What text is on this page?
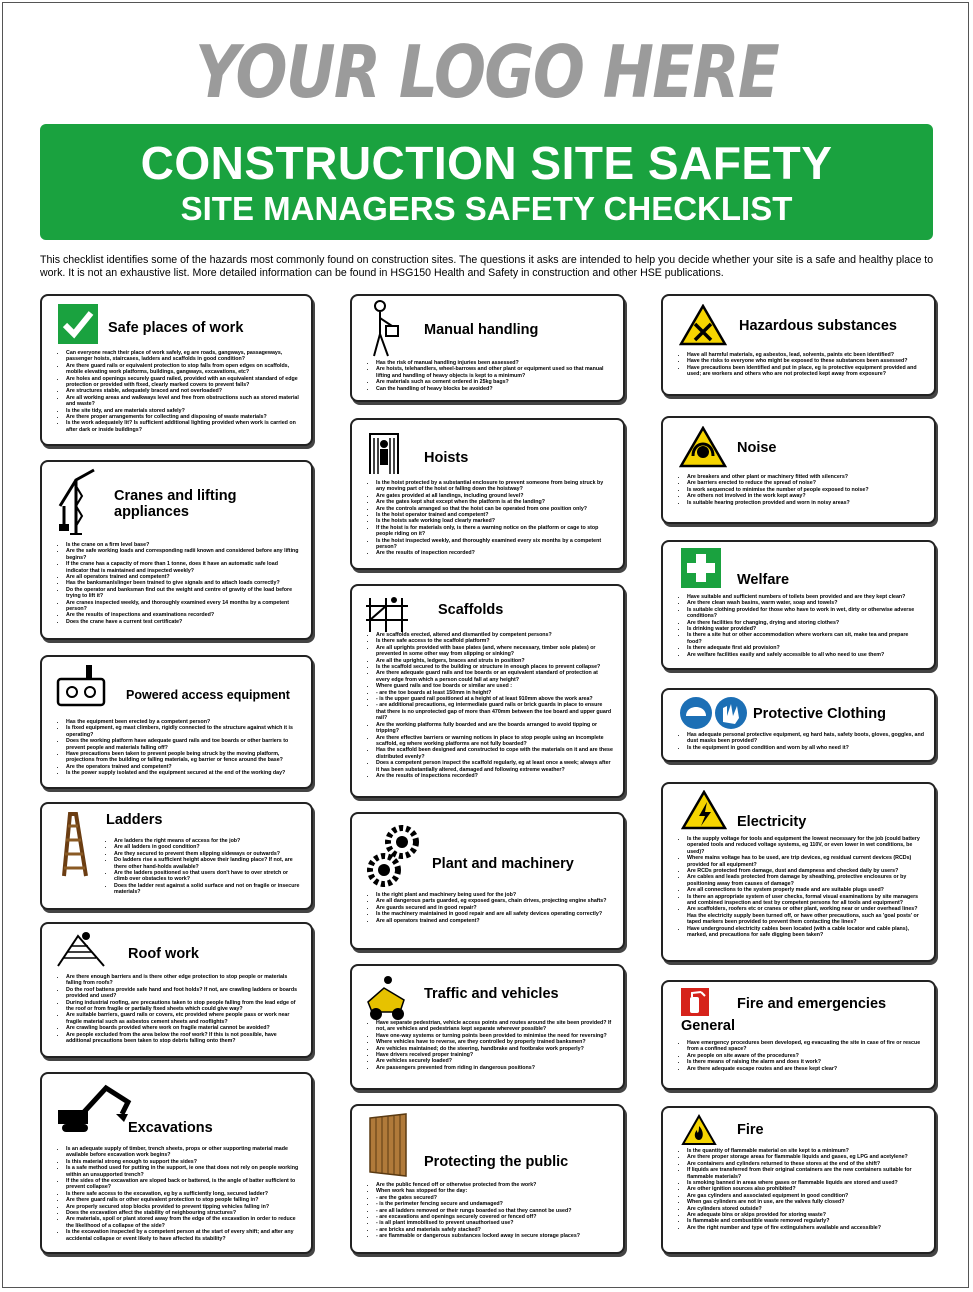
YOUR LOGO HERE
CONSTRUCTION SITE SAFETY
SITE MANAGERS SAFETY CHECKLIST
This checklist identifies some of the hazards most commonly found on construction sites. The questions it asks are intended to help you decide whether your site is a safe and healthy place to work. It is not an exhaustive list. More detailed information can be found in HSG150 Health and Safety in construction and other HSE publications.
Safe places of work
• Can everyone reach their place of work safely, eg are roads, gangways, passageways, passenger hoists, staircases, ladders and scaffolds in good condition?
• Are there guard rails or equivalent protection to stop falls from open edges on scaffolds, mobile elevating work platforms, buildings, gangways, excavations, etc?
• Are holes and openings securely guard railed, provided with an equivalent standard of edge protection or provided with fixed, clearly marked covers to prevent falls?
• Are structures stable, adequately braced and not overloaded?
• Are all working areas and walkways level and free from obstructions such as stored material and waste?
• Is the site tidy, and are materials stored safely?
• Are there proper arrangements for collecting and disposing of waste materials?
• Is the work adequately lit? Is sufficient additional lighting provided when work is carried on after dark or inside buildings?
Cranes and lifting appliances
• Is the crane on a firm level base?
• Are the safe working loads and corresponding radii known and considered before any lifting begins?
• If the crane has a capacity of more than 1 tonne, does it have an automatic safe load indicator that is maintained and inspected weekly?
• Are all operators trained and competent?
• Has the banksman/slinger been trained to give signals and to attach loads correctly?
• Do the operator and banksman find out the weight and centre of gravity of the load before trying to lift it?
• Are cranes inspected weekly, and thoroughly examined every 14 months by a competent person?
• Are the results of inspections and examinations recorded?
• Does the crane have a current test certificate?
Powered access equipment
• Has the equipment been erected by a competent person?
• Is fixed equipment, eg mast climbers, rigidly connected to the structure against which it is operating?
• Does the working platform have adequate guard rails and toe boards or other barriers to prevent people and materials falling off?
• Have precautions been taken to prevent people being struck by the moving platform, projections from the building or falling materials, eg barrier or fence around the base?
• Are the operators trained and competent?
• Is the power supply isolated and the equipment secured at the end of the working day?
Ladders
• Are ladders the right means of access for the job?
• Are all ladders in good condition?
• Are they secured to prevent them slipping sideways or outwards?
• Do ladders rise a sufficient height above their landing place? If not, are there other hand-holds available?
• Are the ladders positioned so that users don't have to over stretch or climb over obstacles to work?
• Does the ladder rest against a solid surface and not on fragile or insecure materials?
Roof work
• Are there enough barriers and is there other edge protection to stop people or materials falling from roofs?
• Do the roof battens provide safe hand and foot holds? If not, are crawling ladders or boards provided and used?
• During industrial roofing, are precautions taken to stop people falling from the lead edge of the roof or from fragile or partially fixed sheets which could give way?
• Are suitable barriers, guard rails or covers, etc provided where people pass or work near fragile material such as asbestos cement sheets and rooflights?
• Are crawling boards provided where work on fragile material cannot be avoided?
• Are people excluded from the area below the roof work? If this is not possible, have additional precautions been taken to stop debris falling onto them?
Excavations
• Is an adequate supply of timber, trench sheets, props or other supporting material made available before excavation work begins?
• Is this material strong enough to support the sides?
• Is a safe method used for putting in the support, ie one that does not rely on people working within an unsupported trench?
• If the sides of the excavation are sloped back or battered, is the angle of batter sufficient to prevent collapse?
• Is there safe access to the excavation, eg by a sufficiently long, secured ladder?
• Are there guard rails or other equivalent protection to stop people falling in?
• Are properly secured stop blocks provided to prevent tipping vehicles falling in?
• Does the excavation affect the stability of neighbouring structures?
• Are materials, spoil or plant stored away from the edge of the excavation in order to reduce the likelihood of a collapse of the side?
• Is the excavation inspected by a competent person at the start of every shift; and after any accidental collapse or event likely to have affected its stability?
Manual handling
• Has the risk of manual handling injuries been assessed?
• Are hoists, telehandlers, wheel-barrows and other plant or equipment used so that manual lifting and handling of heavy objects is kept to a minimum?
• Are materials such as cement ordered in 25kg bags?
• Can the handling of heavy blocks be avoided?
Hoists
• Is the hoist protected by a substantial enclosure to prevent someone from being struck by any moving part of the hoist or falling down the hoistway?
• Are gates provided at all landings, including ground level?
• Are the gates kept shut except when the platform is at the landing?
• Are the controls arranged so that the hoist can be operated from one position only?
• Is the hoist operator trained and competent?
• Is the hoists safe working load clearly marked?
• If the hoist is for materials only, is there a warning notice on the platform or cage to stop people riding on it?
• Is the hoist inspected weekly, and thoroughly examined every six months by a competent person?
• Are the results of inspection recorded?
Scaffolds
• Are scaffolds erected, altered and dismantled by competent persons?
• Is there safe access to the scaffold platform?
• Are all uprights provided with base plates (and, where necessary, timber sole plates) or prevented in some other way from slipping or sinking?
• Are all the uprights, ledgers, braces and struts in position?
• Is the scaffold secured to the building or structure in enough places to prevent collapse?
• Are there adequate guard rails and toe boards or an equivalent standard of protection at every edge from which a person could fall at any height?
• Where guard rails and toe boards or similar are used :
• - are the toe boards at least 150mm in height?
• - is the upper guard rail positioned at a height of at least 910mm above the work area?
• - are additional precautions, eg intermediate guard rails or brick guards in place to ensure that there is no unprotected gap of more than 470mm between the toe board and upper guard rail?
• Are the working platforms fully boarded and are the boards arranged to avoid tipping or tripping?
• Are there effective barriers or warning notices in place to stop people using an incomplete scaffold, eg where working platforms are not fully boarded?
• Has the scaffold been designed and constructed to cope with the materials on it and are these distributed evenly?
• Does a competent person inspect the scaffold regularly, eg at least once a week; always after it has been substantially altered, damaged and following extreme weather?
• Are the results of inspections recorded?
Plant and machinery
• Is the right plant and machinery being used for the job?
• Are all dangerous parts guarded, eg exposed gears, chain drives, projecting engine shafts?
• Are guards secured and in good repair?
• Is the machinery maintained in good repair and are all safety devices operating correctly?
• Are all operators trained and competent?
Traffic and vehicles
• Have separate pedestrian, vehicle access points and routes around the site been provided? If not, are vehicles and pedestrians kept separate wherever possible?
• Have one-way systems or turning points been provided to minimise the need for reversing?
• Where vehicles have to reverse, are they controlled by properly trained banksmen?
• Are vehicles maintained; do the steering, handbrake and footbrake work properly?
• Have drivers received proper training?
• Are vehicles securely loaded?
• Are passengers prevented from riding in dangerous positions?
Protecting the public
• Are the public fenced off or otherwise protected from the work?
• When work has stopped for the day:
• - are the gates secured?
• - is the perimeter fencing secure and undamaged?
• - are all ladders removed or their rungs boarded so that they cannot be used?
• - are excavations and openings securely covered or fenced off?
• - is all plant immobilised to prevent unauthorised use?
• - are bricks and materials safely stacked?
• - are flammable or dangerous substances locked away in secure storage places?
Hazardous substances
• Have all harmful materials, eg asbestos, lead, solvents, paints etc been identified?
• Have the risks to everyone who might be exposed to these substances been assessed?
• Have precautions been identified and put in place, eg is protective equipment provided and used; are workers and others who are not protected kept away from exposure?
Noise
• Are breakers and other plant or machinery fitted with silencers?
• Are barriers erected to reduce the spread of noise?
• Is work sequenced to minimise the number of people exposed to noise?
• Are others not involved in the work kept away?
• Is suitable hearing protection provided and worn in noisy areas?
Welfare
• Have suitable and sufficient numbers of toilets been provided and are they kept clean?
• Are there clean wash basins, warm water, soap and towels?
• Is suitable clothing provided for those who have to work in wet, dirty or otherwise adverse conditions?
• Are there facilities for changing, drying and storing clothes?
• Is drinking water provided?
• Is there a site hut or other accommodation where workers can sit, make tea and prepare food?
• Is there adequate first aid provision?
• Are welfare facilities easily and safely accessible to all who need to use them?
Protective Clothing
• Has adequate personal protective equipment, eg hard hats, safety boots, gloves, goggles, and dust masks been provided?
• Is the equipment in good condition and worn by all who need it?
Electricity
• Is the supply voltage for tools and equipment the lowest necessary for the job (could battery operated tools and reduced voltage systems, eg 110V, or even lower in wet conditions, be used)?
• Where mains voltage has to be used, are trip devices, eg residual current devices (RCDs) provided for all equipment?
• Are RCDs protected from damage, dust and dampness and checked daily by users?
• Are cables and leads protected from damage by sheathing, protective enclosures or by positioning away from causes of damage?
• Are all connections to the system properly made and are suitable plugs used?
• Is there an appropriate system of user checks, formal visual examinations by site managers and combined inspection and test by competent persons for all tools and equipment?
• Are scaffolders, roofers etc or cranes or other plant, working near or under overhead lines? Has the electricity supply been turned off, or have other precautions, such as 'goal posts' or taped markers been provided to prevent them contacting the lines?
• Have underground electricity cables been located (with a cable locator and cable plans), marked, and precautions for safe digging been taken?
Fire and emergencies
General
• Have emergency procedures been developed, eg evacuating the site in case of fire or rescue from a confined space?
• Are people on site aware of the procedures?
• Is there means of raising the alarm and does it work?
• Are there adequate escape routes and are these kept clear?
Fire
• Is the quantity of flammable material on site kept to a minimum?
• Are there proper storage areas for flammable liquids and gases, eg LPG and acetylene?
• Are containers and cylinders returned to these stores at the end of the shift?
• If liquids are transferred from their original containers are the new containers suitable for flammable materials?
• Is smoking banned in areas where gases or flammable liquids are stored and used?
• Are other ignition sources also prohibited?
• Are gas cylinders and associated equipment in good condition?
• When gas cylinders are not in use, are the valves fully closed?
• Are cylinders stored outside?
• Are adequate bins or skips provided for storing waste?
• Is flammable and combustible waste removed regularly?
• Are the right number and type of fire extinguishers available and accessible?
